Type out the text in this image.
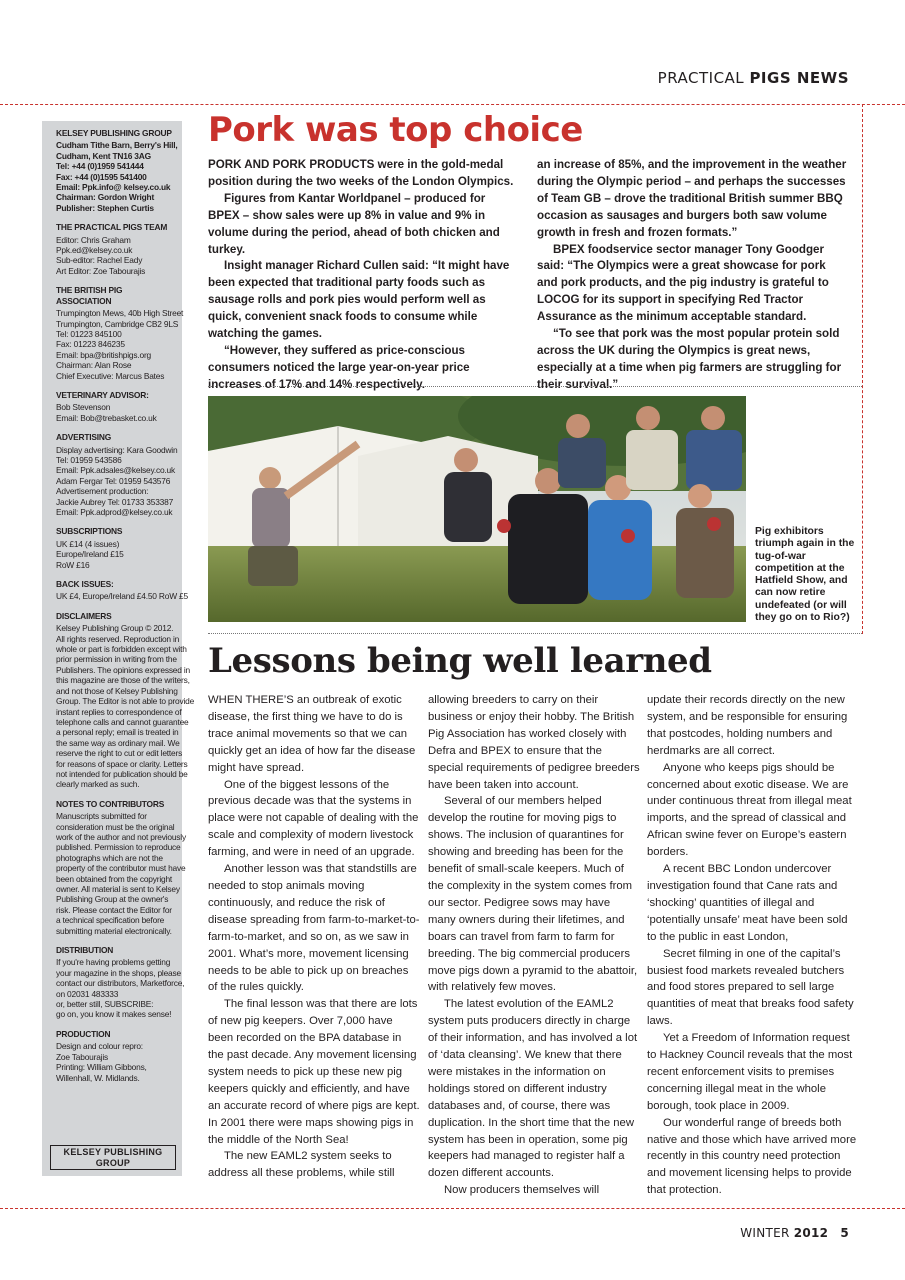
PRACTICAL PIGS NEWS
KELSEY PUBLISHING GROUP
Cudham Tithe Barn, Berry's Hill,
Cudham, Kent TN16 3AG
Tel: +44 (0)1959 541444
Fax: +44 (0)1595 541400
Email: Ppk.info@ kelsey.co.uk
Chairman: Gordon Wright
Publisher: Stephen Curtis
THE PRACTICAL PIGS TEAM
Editor: Chris Graham
Ppk.ed@kelsey.co.uk
Sub-editor: Rachel Eady
Art Editor: Zoe Tabourajis
THE BRITISH PIG ASSOCIATION
Trumpington Mews, 40b High Street
Trumpington, Cambridge CB2 9LS
Tel: 01223 845100
Fax: 01223 846235
Email: bpa@britishpigs.org
Chairman: Alan Rose
Chief Executive: Marcus Bates
VETERINARY ADVISOR:
Bob Stevenson
Email: Bob@trebasket.co.uk
ADVERTISING
Display advertising: Kara Goodwin
Tel: 01959 543586
Email: Ppk.adsales@kelsey.co.uk
Adam Fergar Tel: 01959 543576
Advertisement production:
Jackie Aubrey Tel: 01733 353387
Email: Ppk.adprod@kelsey.co.uk
SUBSCRIPTIONS
UK £14 (4 issues)
Europe/Ireland £15
RoW £16
BACK ISSUES:
UK £4, Europe/Ireland £4.50 RoW £5
DISCLAIMERS
Kelsey Publishing Group © 2012.
All rights reserved. Reproduction in
whole or part is forbidden except with
prior permission in writing from the
Publishers. The opinions expressed in
this magazine are those of the writers,
and not those of Kelsey Publishing
Group. The Editor is not able to provide
instant replies to correspondence of
telephone calls and cannot guarantee
a personal reply; email is treated in
the same way as ordinary mail. We
reserve the right to cut or edit letters
for reasons of space or clarity. Letters
not intended for publication should be
clearly marked as such.
NOTES TO CONTRIBUTORS
Manuscripts submitted for
consideration must be the original
work of the author and not previously
published. Permission to reproduce
photographs which are not the
property of the contributor must have
been obtained from the copyright
owner. All material is sent to Kelsey
Publishing Group at the owner's
risk. Please contact the Editor for
a technical specification before
submitting material electronically.
DISTRIBUTION
If you're having problems getting
your magazine in the shops, please
contact our distributors, Marketforce,
on 02031 483333
or, better still, SUBSCRIBE:
go on, you know it makes sense!
PRODUCTION
Design and colour repro:
Zoe Tabourajis
Printing: William Gibbons,
Willenhall, W. Midlands.
KELSEY PUBLISHING GROUP
Pork was top choice

PORK AND PORK PRODUCTS were in the gold-medal position during the two weeks of the London Olympics.

Figures from Kantar Worldpanel – produced for BPEX – show sales were up 8% in value and 9% in volume during the period, ahead of both chicken and turkey.

Insight manager Richard Cullen said: “It might have been expected that traditional party foods such as sausage rolls and pork pies would perform well as quick, convenient snack foods to consume while watching the games.

“However, they suffered as price-conscious consumers noticed the large year-on-year price increases of 17% and 14% respectively.

an increase of 85%, and the improvement in the weather during the Olympic period – and perhaps the successes of Team GB – drove the traditional British summer BBQ occasion as sausages and burgers both saw volume growth in fresh and frozen formats.”

BPEX foodservice sector manager Tony Goodger said: “The Olympics were a great showcase for pork and pork products, and the pig industry is grateful to LOCOG for its support in specifying Red Tractor Assurance as the minimum acceptable standard.

“To see that pork was the most popular protein sold across the UK during the Olympics is great news, especially at a time when pig farmers are struggling for their survival.”

Pig exhibitors triumph again in the tug-of-war competition at the Hatfield Show, and can now retire undefeated (or will they go on to Rio?)
Lessons being well learned

WHEN THERE’S an outbreak of exotic disease, the first thing we have to do is trace animal movements so that we can quickly get an idea of how far the disease might have spread.

One of the biggest lessons of the previous decade was that the systems in place were not capable of dealing with the scale and complexity of modern livestock farming, and were in need of an upgrade.

Another lesson was that standstills are needed to stop animals moving continuously, and reduce the risk of disease spreading from farm-to-market-to-farm-to-market, and so on, as we saw in 2001. What’s more, movement licensing needs to be able to pick up on breaches of the rules quickly.

The final lesson was that there are lots of new pig keepers. Over 7,000 have been recorded on the BPA database in the past decade. Any movement licensing system needs to pick up these new pig keepers quickly and efficiently, and have an accurate record of where pigs are kept. In 2001 there were maps showing pigs in the middle of the North Sea!

The new EAML2 system seeks to address all these problems, while still

allowing breeders to carry on their business or enjoy their hobby. The British Pig Association has worked closely with Defra and BPEX to ensure that the special requirements of pedigree breeders have been taken into account.

Several of our members helped develop the routine for moving pigs to shows. The inclusion of quarantines for showing and breeding has been for the benefit of small-scale keepers. Much of the complexity in the system comes from our sector. Pedigree sows may have many owners during their lifetimes, and boars can travel from farm to farm for breeding. The big commercial producers move pigs down a pyramid to the abattoir, with relatively few moves.

The latest evolution of the EAML2 system puts producers directly in charge of their information, and has involved a lot of ‘data cleansing’. We knew that there were mistakes in the information on holdings stored on different industry databases and, of course, there was duplication. In the short time that the new system has been in operation, some pig keepers had managed to register half a dozen different accounts.

Now producers themselves will

update their records directly on the new system, and be responsible for ensuring that postcodes, holding numbers and herdmarks are all correct.

Anyone who keeps pigs should be concerned about exotic disease. We are under continuous threat from illegal meat imports, and the spread of classical and African swine fever on Europe’s eastern borders.

A recent BBC London undercover investigation found that Cane rats and ‘shocking’ quantities of illegal and ‘potentially unsafe’ meat have been sold to the public in east London,

Secret filming in one of the capital’s busiest food markets revealed butchers and food stores prepared to sell large quantities of meat that breaks food safety laws.

Yet a Freedom of Information request to Hackney Council reveals that the most recent enforcement visits to premises concerning illegal meat in the whole borough, took place in 2009.

Our wonderful range of breeds both native and those which have arrived more recently in this country need protection and movement licensing helps to provide that protection.

WINTER 2012 5
